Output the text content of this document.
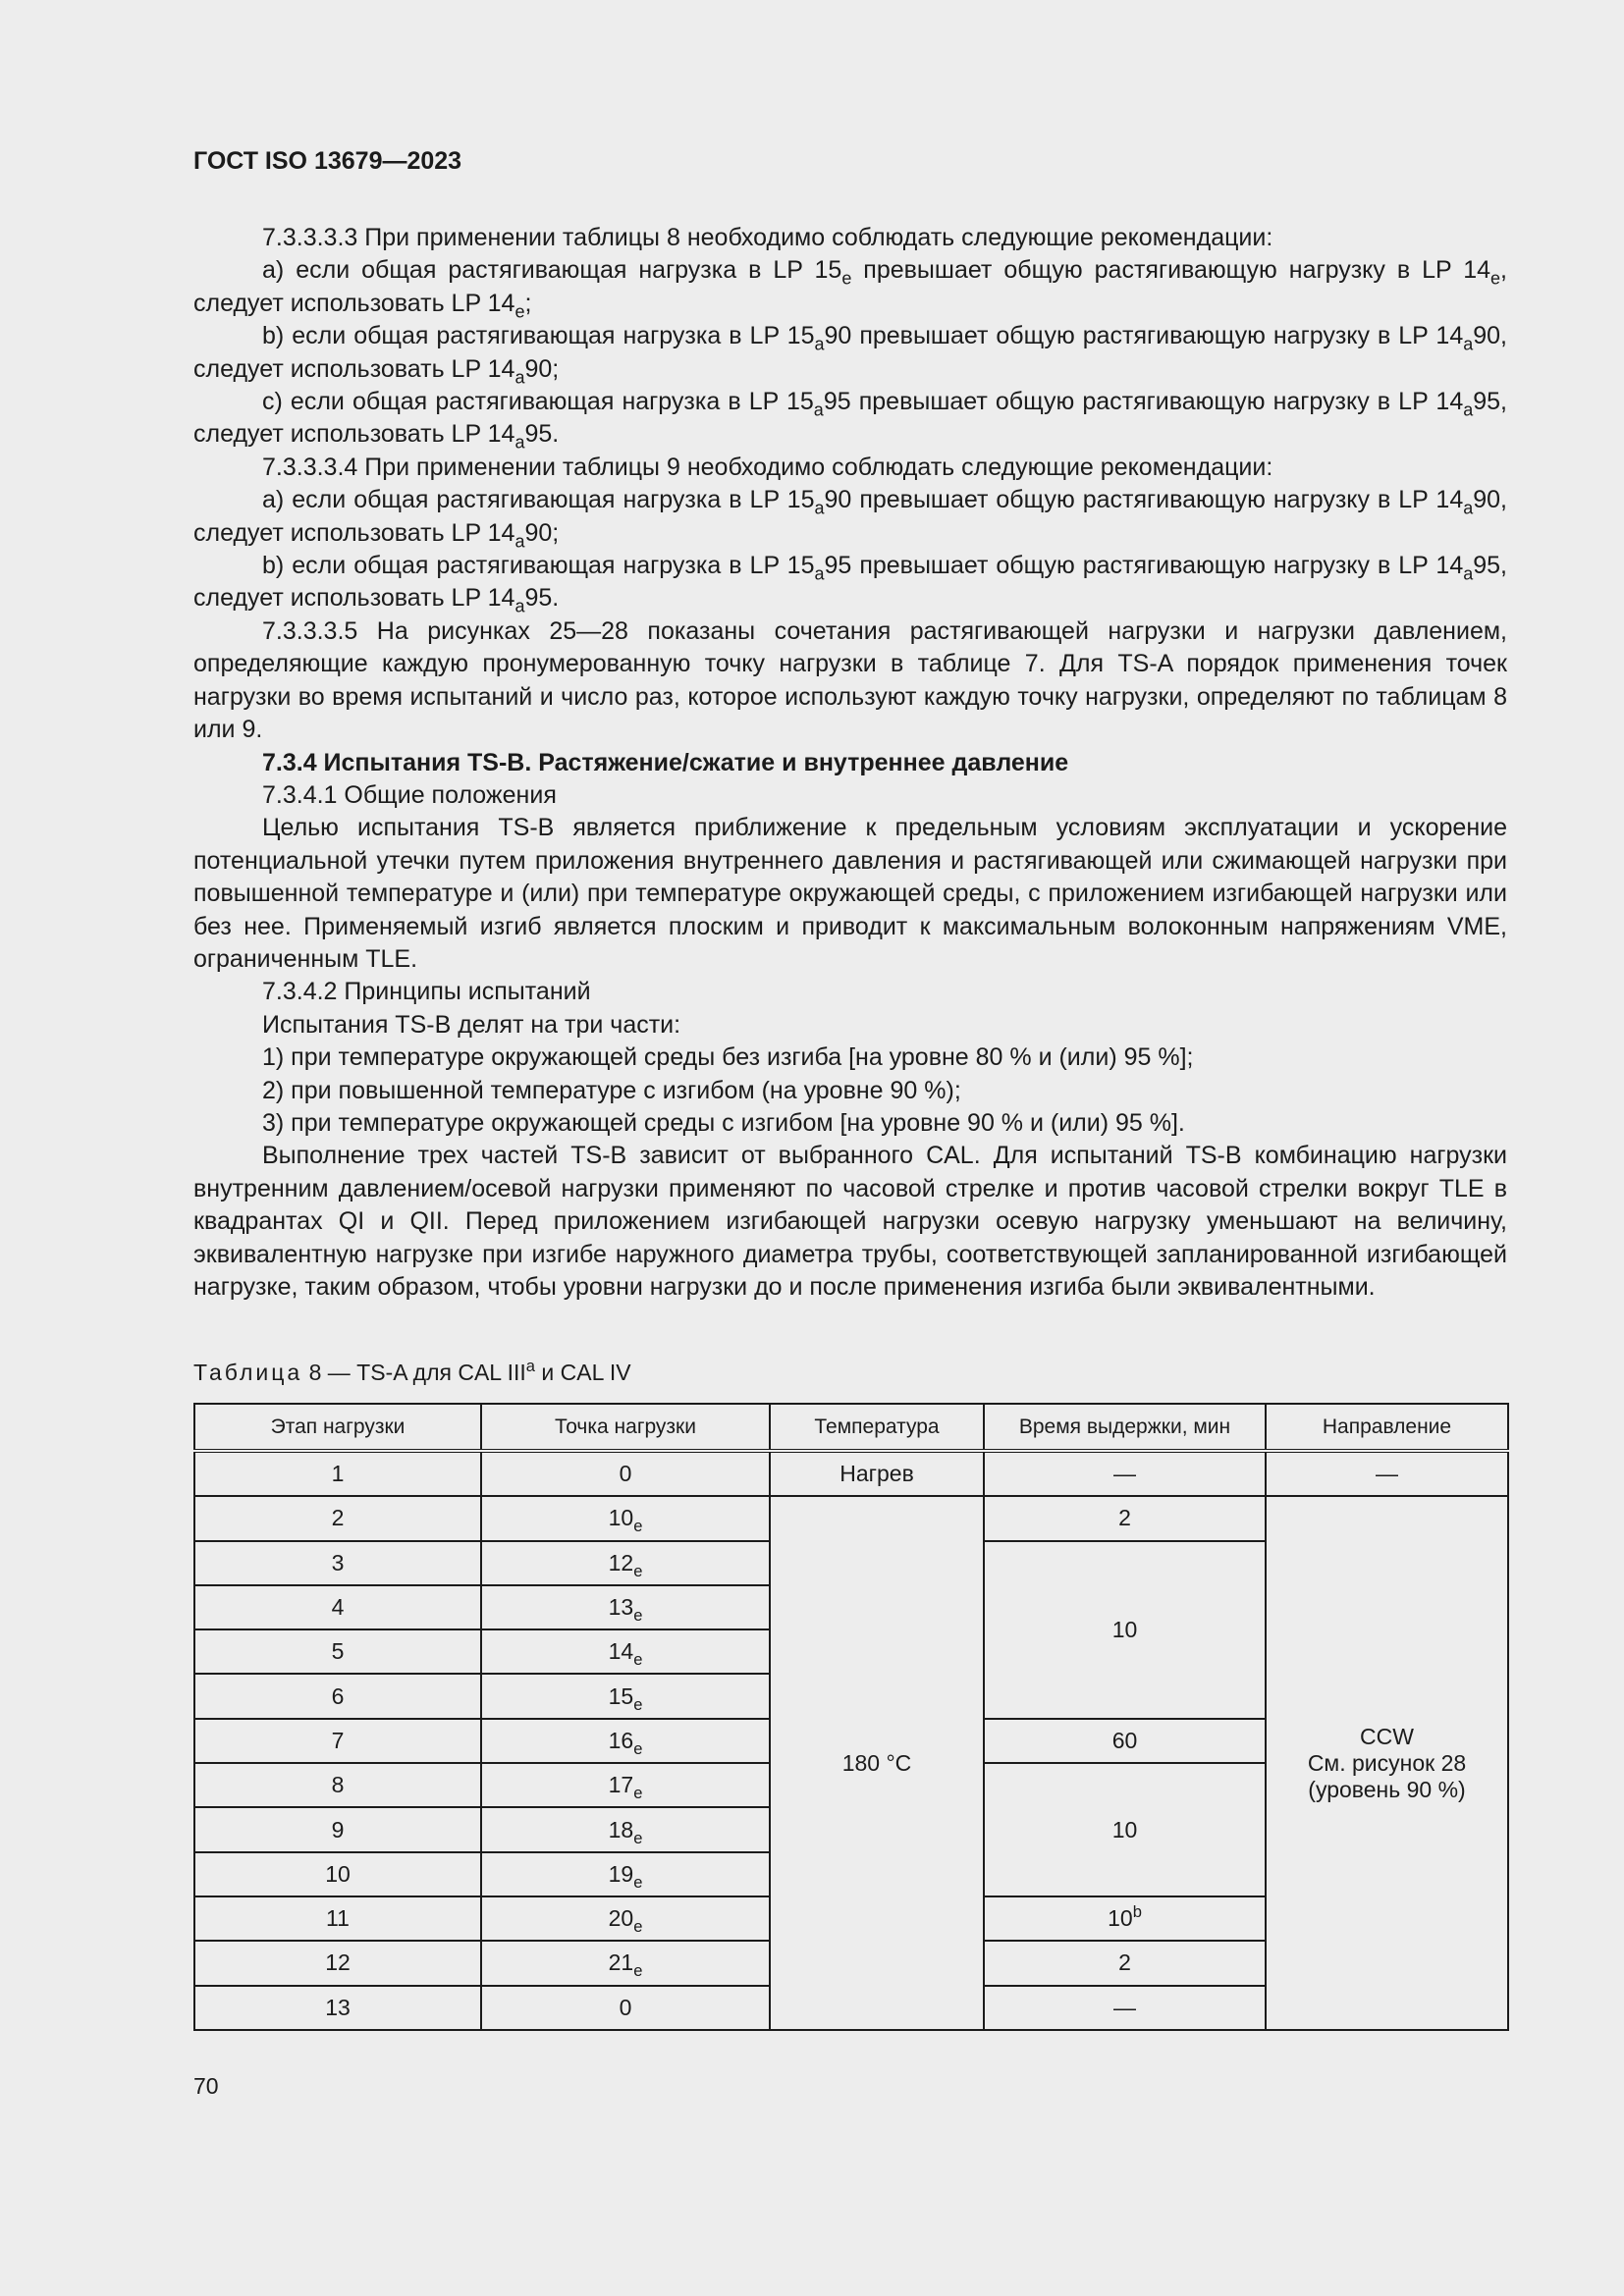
ГОСТ ISO 13679—2023

7.3.3.3.3 При применении таблицы 8 необходимо соблюдать следующие рекомендации:

a) если общая растягивающая нагрузка в LP $15_e$ превышает общую растягивающую нагрузку в LP $14_e$, следует использовать LP $14_e$;

b) если общая растягивающая нагрузка в LP $15_a90$ превышает общую растягивающую нагрузку в LP $14_a90$, следует использовать LP $14_a90$;

c) если общая растягивающая нагрузка в LP $15_a95$ превышает общую растягивающую нагрузку в LP $14_a95$, следует использовать LP $14_a95$.

7.3.3.3.4 При применении таблицы 9 необходимо соблюдать следующие рекомендации:

a) если общая растягивающая нагрузка в LP $15_a90$ превышает общую растягивающую нагрузку в LP $14_a90$, следует использовать LP $14_a90$;

b) если общая растягивающая нагрузка в LP $15_a95$ превышает общую растягивающую нагрузку в LP $14_a95$, следует использовать LP $14_a95$.

7.3.3.3.5 На рисунках 25—28 показаны сочетания растягивающей нагрузки и нагрузки давлением, определяющие каждую пронумерованную точку нагрузки в таблице 7. Для TS-A порядок применения точек нагрузки во время испытаний и число раз, которое используют каждую точку нагрузки, определяют по таблицам 8 или 9.

7.3.4 Испытания TS-B. Растяжение/сжатие и внутреннее давление

7.3.4.1 Общие положения

Целью испытания TS-B является приближение к предельным условиям эксплуатации и ускорение потенциальной утечки путем приложения внутреннего давления и растягивающей или сжимающей нагрузки при повышенной температуре и (или) при температуре окружающей среды, с приложением изгибающей нагрузки или без нее. Применяемый изгиб является плоским и приводит к максимальным волоконным напряжениям VME, ограниченным TLE.

7.3.4.2 Принципы испытаний

Испытания TS-B делят на три части:

1) при температуре окружающей среды без изгиба [на уровне 80 % и (или) 95 %];

2) при повышенной температуре с изгибом (на уровне 90 %);

3) при температуре окружающей среды с изгибом [на уровне 90 % и (или) 95 %].

Выполнение трех частей TS-B зависит от выбранного CAL. Для испытаний TS-B комбинацию нагрузки внутренним давлением/осевой нагрузки применяют по часовой стрелке и против часовой стрелки вокруг TLE в квадрантах QI и QII. Перед приложением изгибающей нагрузки осевую нагрузку уменьшают на величину, эквивалентную нагрузке при изгибе наружного диаметра трубы, соответствующей запланированной изгибающей нагрузке, таким образом, чтобы уровни нагрузки до и после применения изгиба были эквивалентными.

Таблица 8 — TS-A для CAL III$^a$ и CAL IV
Этап нагрузки	Точка нагрузки	Температура	Время выдержки, мин	Направление
1	0	Нагрев	—	—
2	$10_e$	180 °C	2	CCW
См. рисунок 28
(уровень 90 %)

3	$12_e$		10	
4	$13_e$
5	$14_e$
6	$15_e$
7	$16_e$		60	
8	$17_e$		10	
9	$18_e$
10	$19_e$
11	$20_e$		10$^b$
12	$21_e$		2	
13	0		—	
70
